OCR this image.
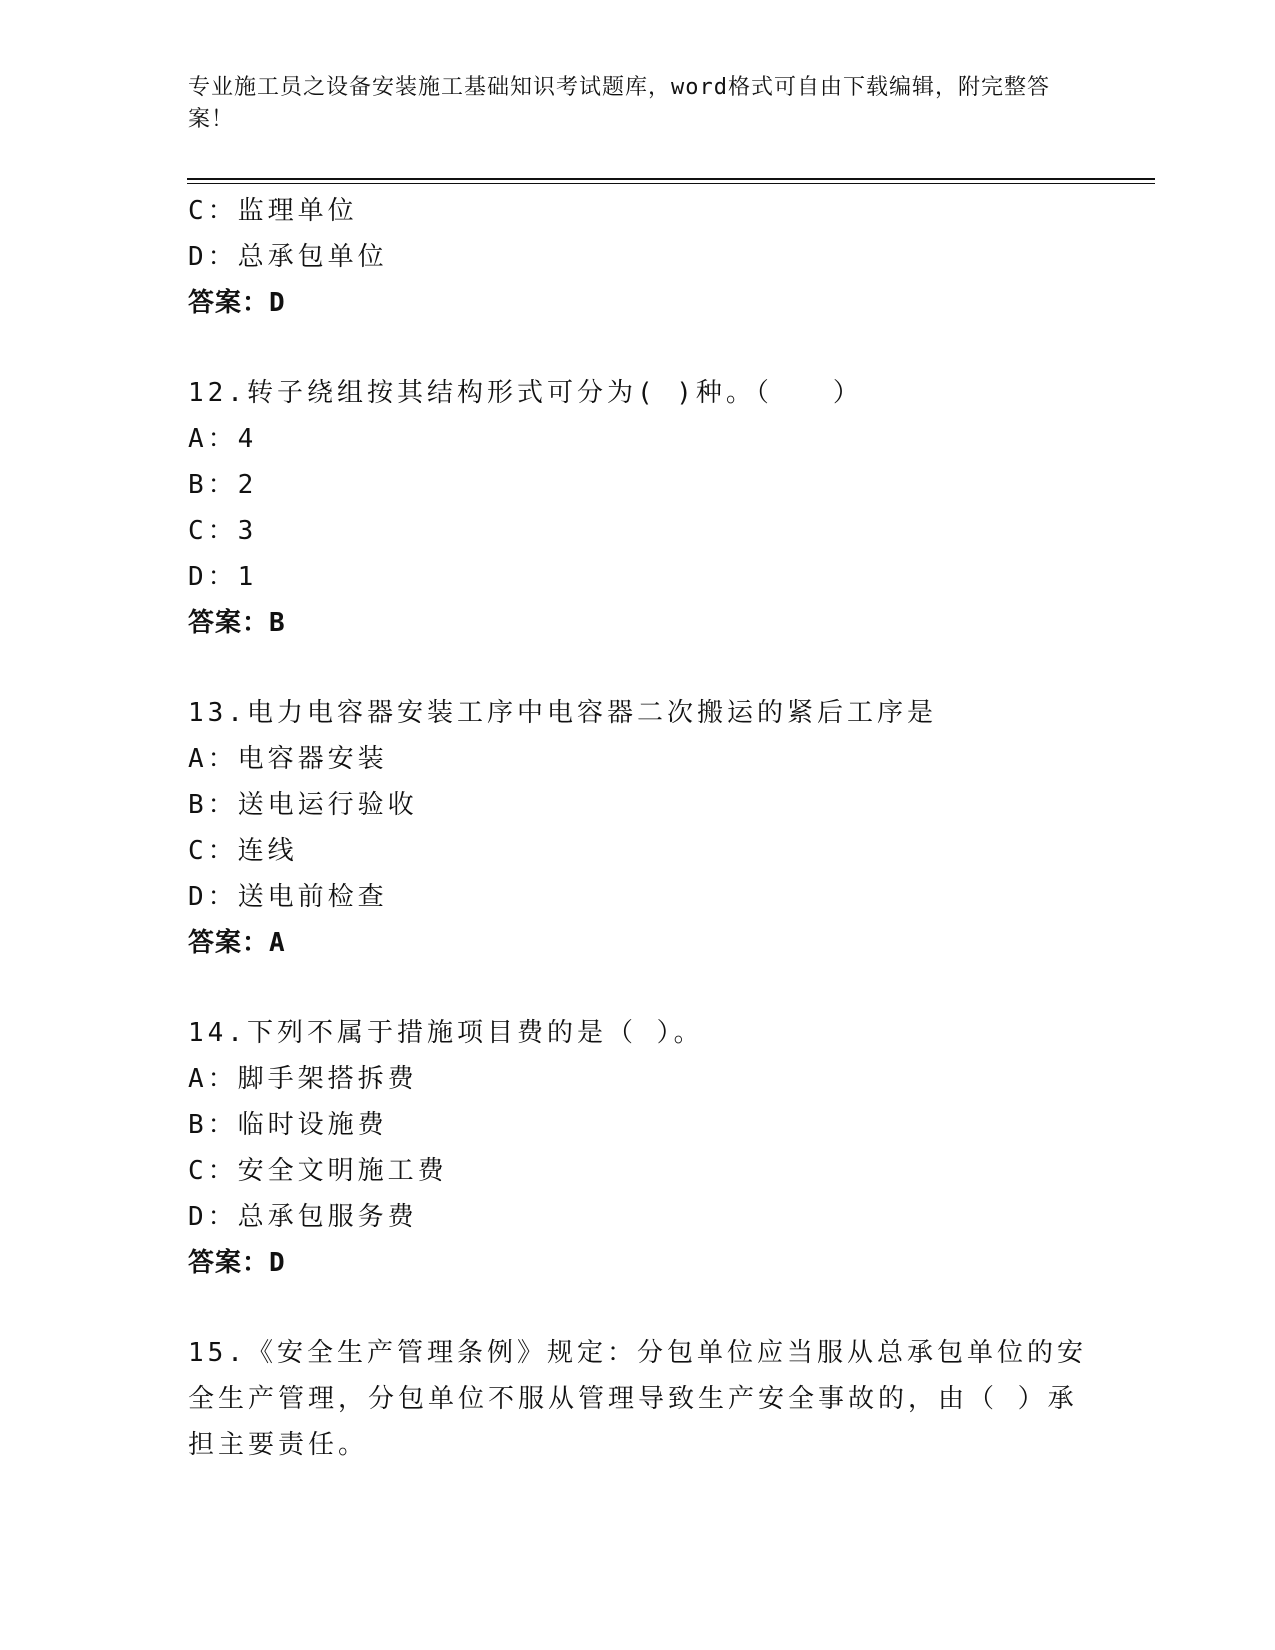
专业施工员之设备安装施工基础知识考试题库，word格式可自由下载编辑，附完整答案！
C：监理单位
D：总承包单位
答案：D
12.转子绕组按其结构形式可分为( )种。（　　）
A：4
B：2
C：3
D：1
答案：B
13.电力电容器安装工序中电容器二次搬运的紧后工序是
A：电容器安装
B：送电运行验收
C：连线
D：送电前检查
答案：A
14.下列不属于措施项目费的是（ ）。
A：脚手架搭拆费
B：临时设施费
C：安全文明施工费
D：总承包服务费
答案：D
15.《安全生产管理条例》规定：分包单位应当服从总承包单位的安全生产管理，分包单位不服从管理导致生产安全事故的，由（ ）承担主要责任。
